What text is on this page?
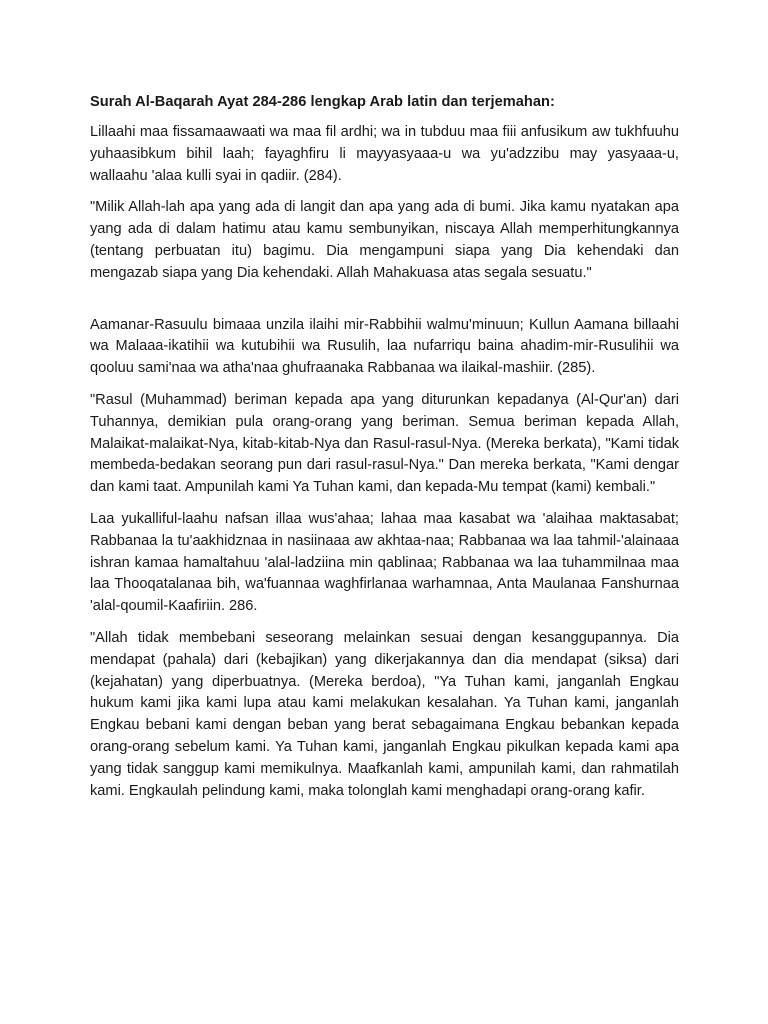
Surah Al-Baqarah Ayat 284-286 lengkap Arab latin dan terjemahan:

Lillaahi maa fissamaawaati wa maa fil ardhi; wa in tubduu maa fiii anfusikum aw tukhfuuhu yuhaasibkum bihil laah; fayaghfiru li mayyasyaaa-u wa yu'adzzibu may yasyaaa-u, wallaahu 'alaa kulli syai in qadiir. (284).

"Milik Allah-lah apa yang ada di langit dan apa yang ada di bumi. Jika kamu nyatakan apa yang ada di dalam hatimu atau kamu sembunyikan, niscaya Allah memperhitungkannya (tentang perbuatan itu) bagimu. Dia mengampuni siapa yang Dia kehendaki dan mengazab siapa yang Dia kehendaki. Allah Mahakuasa atas segala sesuatu."

Aamanar-Rasuulu bimaaa unzila ilaihi mir-Rabbihii walmu'minuun; Kullun Aamana billaahi wa Malaaa-ikatihii wa kutubihii wa Rusulih, laa nufarriqu baina ahadim-mir-Rusulihii wa qooluu sami'naa wa atha'naa ghufraanaka Rabbanaa wa ilaikal-mashiir. (285).

"Rasul (Muhammad) beriman kepada apa yang diturunkan kepadanya (Al-Qur'an) dari Tuhannya, demikian pula orang-orang yang beriman. Semua beriman kepada Allah, Malaikat-malaikat-Nya, kitab-kitab-Nya dan Rasul-rasul-Nya. (Mereka berkata), "Kami tidak membeda-bedakan seorang pun dari rasul-rasul-Nya." Dan mereka berkata, "Kami dengar dan kami taat. Ampunilah kami Ya Tuhan kami, dan kepada-Mu tempat (kami) kembali."

Laa yukalliful-laahu nafsan illaa wus'ahaa; lahaa maa kasabat wa 'alaihaa maktasabat; Rabbanaa la tu'aakhidznaa in nasiinaaa aw akhtaa-naa; Rabbanaa wa laa tahmil-'alainaaa ishran kamaa hamaltahuu 'alal-ladziina min qablinaa; Rabbanaa wa laa tuhammilnaa maa laa Thooqatalanaa bih, wa'fuannaa waghfirlanaa warhamnaa, Anta Maulanaa Fanshurnaa 'alal-qoumil-Kaafiriin. 286.

"Allah tidak membebani seseorang melainkan sesuai dengan kesanggupannya. Dia mendapat (pahala) dari (kebajikan) yang dikerjakannya dan dia mendapat (siksa) dari (kejahatan) yang diperbuatnya. (Mereka berdoa), "Ya Tuhan kami, janganlah Engkau hukum kami jika kami lupa atau kami melakukan kesalahan. Ya Tuhan kami, janganlah Engkau bebani kami dengan beban yang berat sebagaimana Engkau bebankan kepada orang-orang sebelum kami. Ya Tuhan kami, janganlah Engkau pikulkan kepada kami apa yang tidak sanggup kami memikulnya. Maafkanlah kami, ampunilah kami, dan rahmatilah kami. Engkaulah pelindung kami, maka tolonglah kami menghadapi orang-orang kafir.
